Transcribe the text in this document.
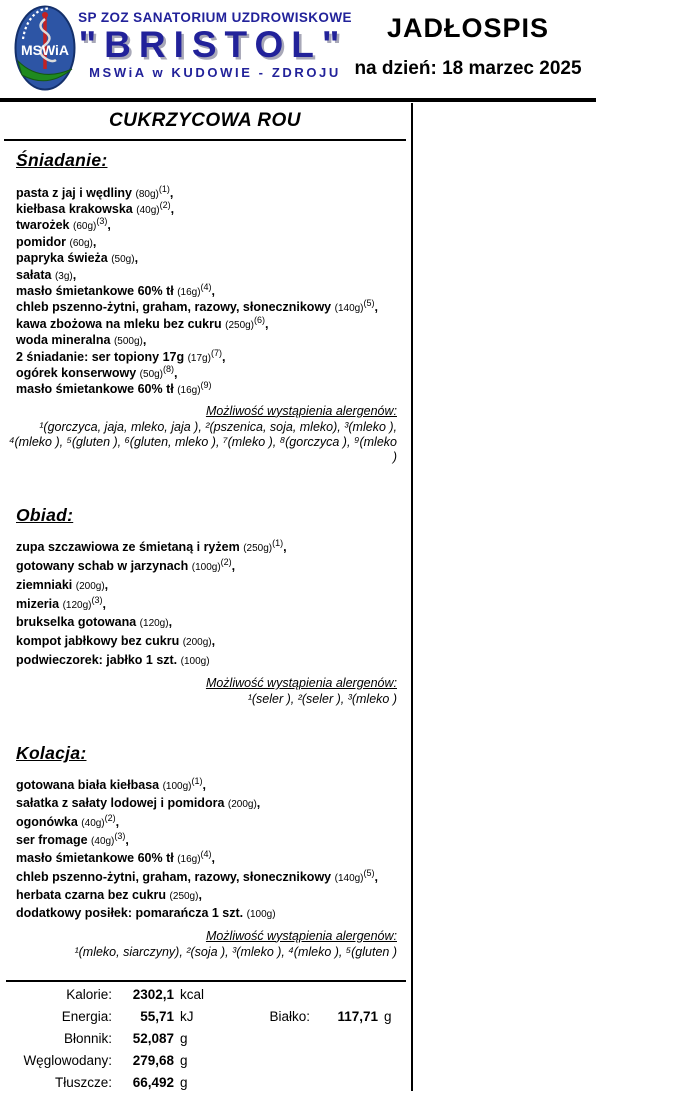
MSWiA
SP ZOZ SANATORIUM UZDROWISKOWE
"BRISTOL"
MSWiA w KUDOWIE - ZDROJU
JADŁOSPIS
na dzień: 18 marzec 2025
CUKRZYCOWA ROU
Śniadanie:
pasta z jaj i wędliny $(80g)^{(1)}$,
kiełbasa krakowska $(40g)^{(2)}$,
twarożek $(60g)^{(3)}$,
pomidor (60g),
papryka świeża (50g),
sałata (3g),
masło śmietankowe 60% tł $(16g)^{(4)}$,
chleb pszenno-żytni, graham, razowy, słonecznikowy $(140g)^{(5)}$,
kawa zbożowa na mleku bez cukru $(250g)^{(6)}$,
woda mineralna (500g),
2 śniadanie: ser topiony 17g $(17g)^{(7)}$,
ogórek konserwowy $(50g)^{(8)}$,
masło śmietankowe 60% tł $(16g)^{(9)}$
Możliwość wystąpienia alergenów:
¹(gorczyca, jaja, mleko, jaja ), ²(pszenica, soja, mleko), ³(mleko ),
⁴(mleko ), ⁵(gluten ), ⁶(gluten, mleko ), ⁷(mleko ), ⁸(gorczyca ), ⁹(mleko
)
Obiad:
zupa szczawiowa ze śmietaną i ryżem $(250g)^{(1)}$,
gotowany schab w jarzynach $(100g)^{(2)}$,
ziemniaki (200g),
mizeria $(120g)^{(3)}$,
brukselka gotowana (120g),
kompot jabłkowy bez cukru (200g),
podwieczorek: jabłko 1 szt. (100g)
Możliwość wystąpienia alergenów:
¹(seler ), ²(seler ), ³(mleko )
Kolacja:
gotowana biała kiełbasa $(100g)^{(1)}$,
sałatka z sałaty lodowej i pomidora (200g),
ogonówka $(40g)^{(2)}$,
ser fromage $(40g)^{(3)}$,
masło śmietankowe 60% tł $(16g)^{(4)}$,
chleb pszenno-żytni, graham, razowy, słonecznikowy $(140g)^{(5)}$,
herbata czarna bez cukru (250g),
dodatkowy posiłek: pomarańcza 1 szt. (100g)
Możliwość wystąpienia alergenów:
¹(mleko, siarczyny), ²(soja ), ³(mleko ), ⁴(mleko ), ⁵(gluten )
Kalorie:	2302,1 kcal
Energia:	55,71 kJ	Białko:	117,71 g
Błonnik:	52,087 g
Węglowodany:	279,68 g
Tłuszcze:	66,492 g
